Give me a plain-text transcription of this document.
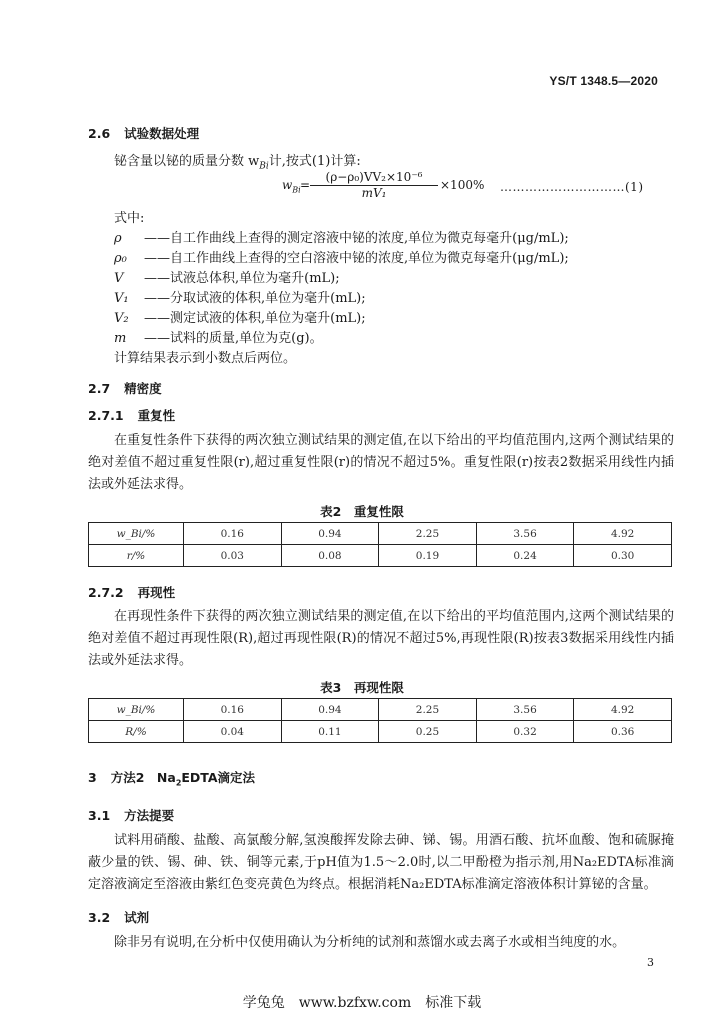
YS/T 1348.5—2020
2.6 试验数据处理
铋含量以铋的质量分数 $w_{Bi}$计,按式(1)计算:
$w_{Bi} = \frac{\text{(ρ−ρ₀)VV₂×10⁻⁶}}{\text{mV₁}} \times 100\%$ …………………………(1)
式中:
ρ ——自工作曲线上查得的测定溶液中铋的浓度,单位为微克每毫升(μg/mL);
ρ₀ ——自工作曲线上查得的空白溶液中铋的浓度,单位为微克每毫升(μg/mL);
V ——试液总体积,单位为毫升(mL);
V₁ ——分取试液的体积,单位为毫升(mL);
V₂ ——测定试液的体积,单位为毫升(mL);
m ——试料的质量,单位为克(g)。
计算结果表示到小数点后两位。
2.7 精密度
2.7.1 重复性

在重复性条件下获得的两次独立测试结果的测定值,在以下给出的平均值范围内,这两个测试结果的绝对差值不超过重复性限(r),超过重复性限(r)的情况不超过5%。重复性限(r)按表2数据采用线性内插法或外延法求得。

表2　重复性限
w_Bi/%	0.16	0.94	2.25	3.56	4.92
r/%	0.03	0.08	0.19	0.24	0.30
2.7.2 再现性

在再现性条件下获得的两次独立测试结果的测定值,在以下给出的平均值范围内,这两个测试结果的绝对差值不超过再现性限(R),超过再现性限(R)的情况不超过5%,再现性限(R)按表3数据采用线性内插法或外延法求得。

表3　再现性限
w_Bi/%	0.16	0.94	2.25	3.56	4.92
R/%	0.04	0.11	0.25	0.32	0.36
3 方法2　$Na_2EDTA$滴定法
3.1 方法提要

试料用硝酸、盐酸、高氯酸分解,氢溴酸挥发除去砷、锑、锡。用酒石酸、抗坏血酸、饱和硫脲掩蔽少量的铁、锡、砷、铁、铜等元素,于pH值为1.5～2.0时,以二甲酚橙为指示剂,用Na₂EDTA标准滴定溶液滴定至溶液由紫红色变亮黄色为终点。根据消耗Na₂EDTA标准滴定溶液体积计算铋的含量。

3.2 试剂

除非另有说明,在分析中仅使用确认为分析纯的试剂和蒸馏水或去离子水或相当纯度的水。

3
学兔兔　www.bzfxw.com　标准下载
